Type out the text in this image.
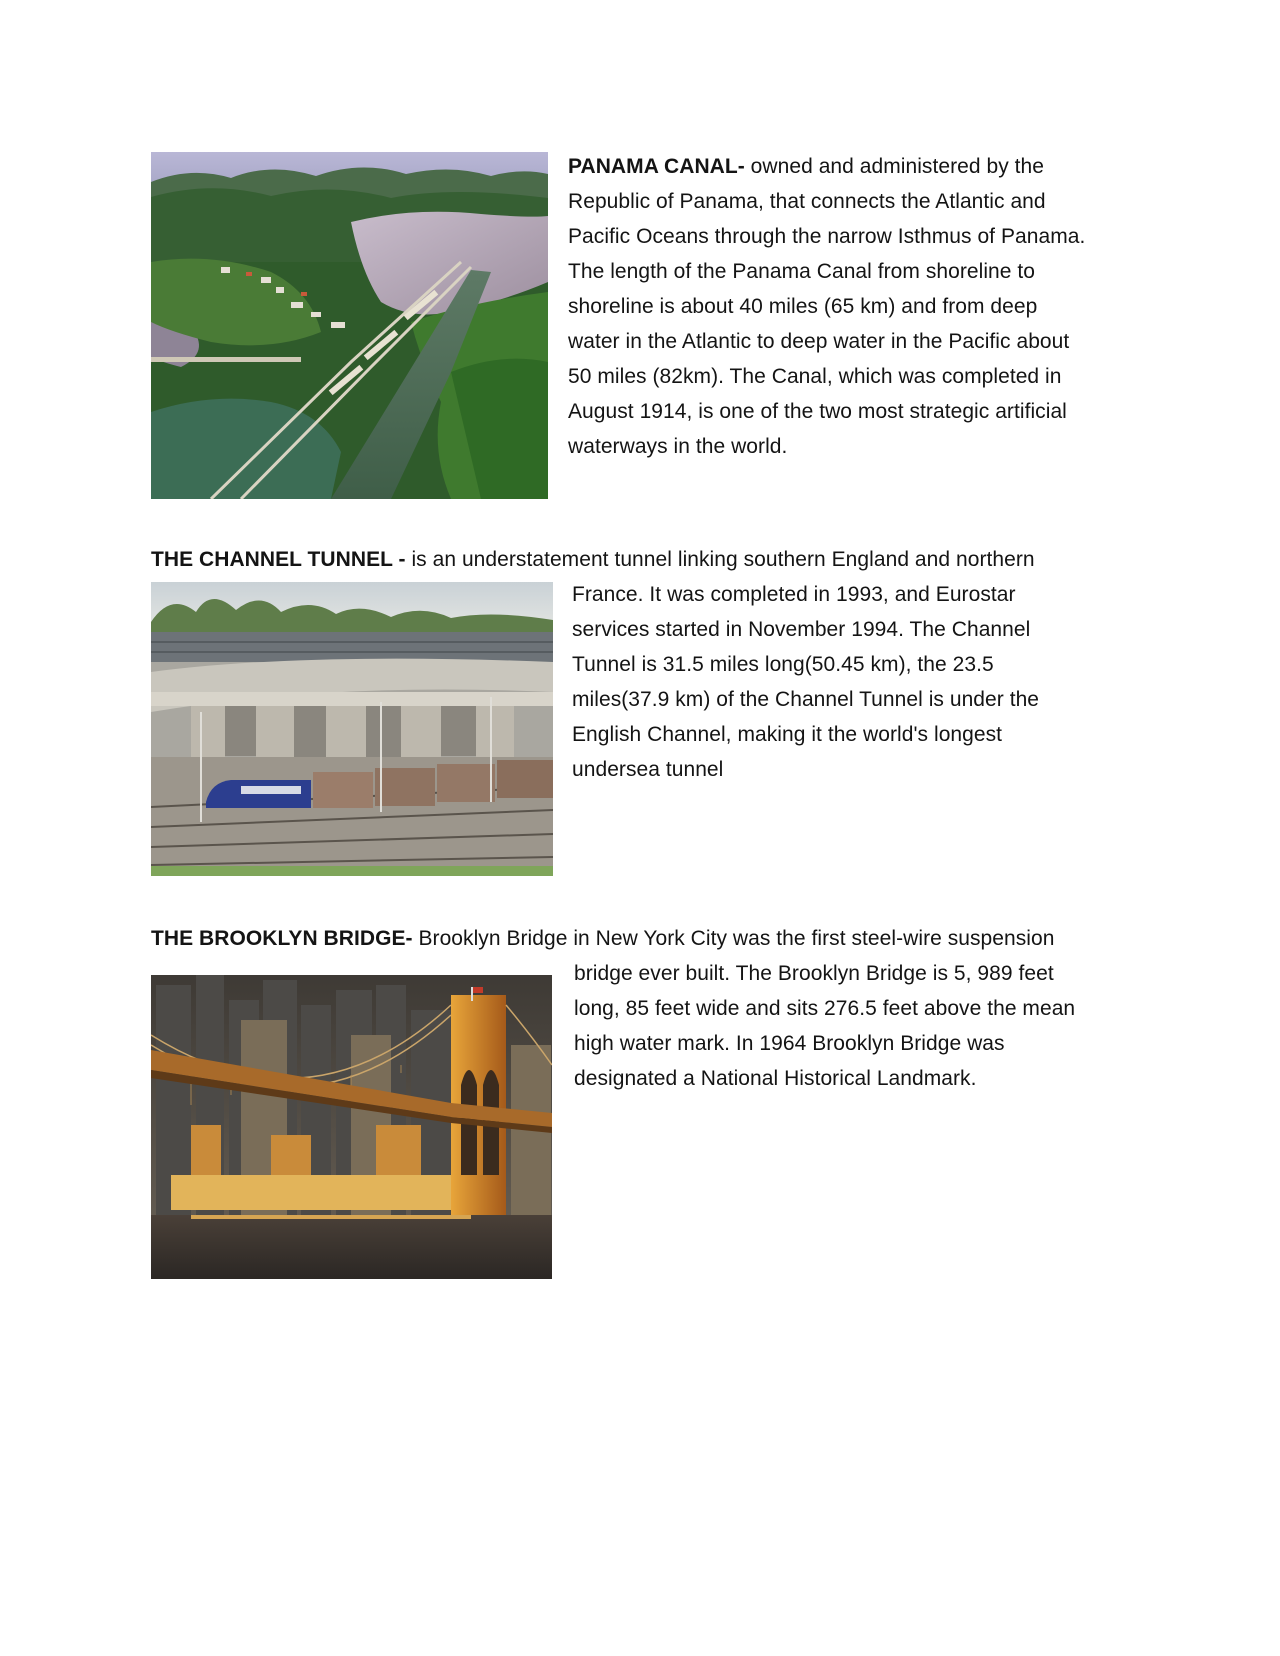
PANAMA CANAL- owned and administered by the
Republic of Panama, that connects the Atlantic and
Pacific Oceans through the narrow Isthmus of Panama.
The length of the Panama Canal from shoreline to
shoreline is about 40 miles (65 km) and from deep
water in the Atlantic to deep water in the Pacific about
50 miles (82km). The Canal, which was completed in
August 1914, is one of the two most strategic artificial
waterways in the world.

THE CHANNEL TUNNEL - is an understatement tunnel linking southern England and northern

France. It was completed in 1993, and Eurostar
services started in November 1994. The Channel
Tunnel is 31.5 miles long(50.45 km), the 23.5
miles(37.9 km) of the Channel Tunnel is under the
English Channel, making it the world's longest
undersea tunnel

THE BROOKLYN BRIDGE- Brooklyn Bridge in New York City was the first steel-wire suspension

bridge ever built. The Brooklyn Bridge is 5, 989 feet
long, 85 feet wide and sits 276.5 feet above the mean
high water mark. In 1964 Brooklyn Bridge was
designated a National Historical Landmark.
